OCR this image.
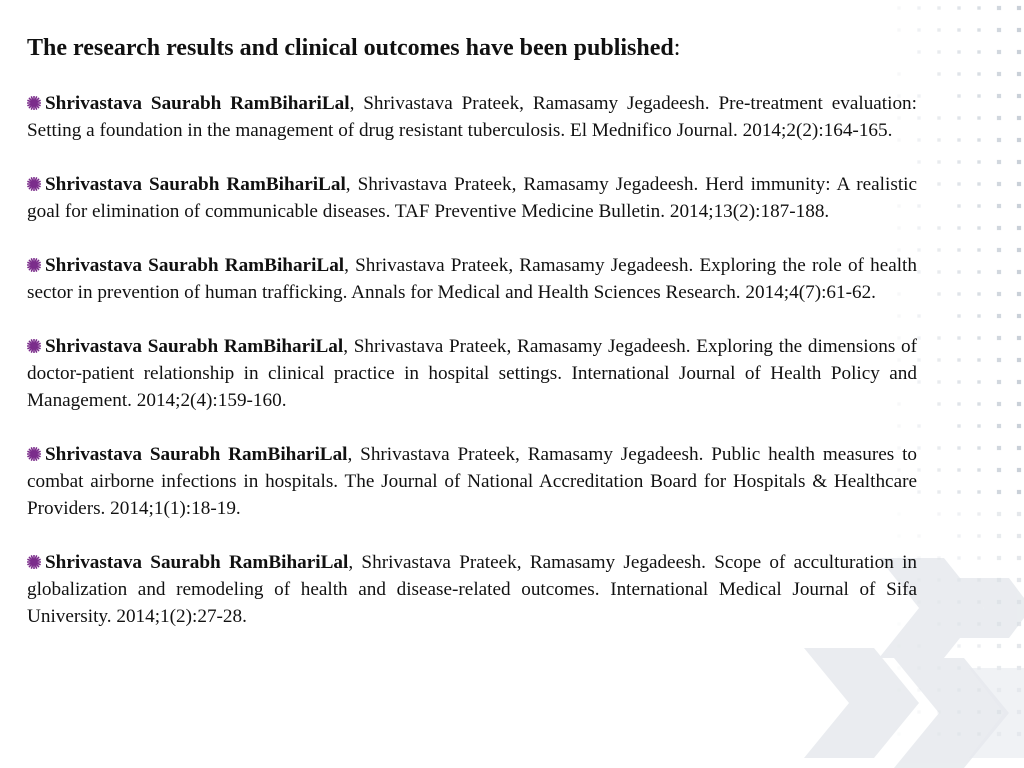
The research results and clinical outcomes have been published:
Shrivastava Saurabh RamBihariLal, Shrivastava Prateek, Ramasamy Jegadeesh. Pre-treatment evaluation: Setting a foundation in the management of drug resistant tuberculosis. El Mednifico Journal. 2014;2(2):164-165.
Shrivastava Saurabh RamBihariLal, Shrivastava Prateek, Ramasamy Jegadeesh. Herd immunity: A realistic goal for elimination of communicable diseases. TAF Preventive Medicine Bulletin. 2014;13(2):187-188.
Shrivastava Saurabh RamBihariLal, Shrivastava Prateek, Ramasamy Jegadeesh. Exploring the role of health sector in prevention of human trafficking. Annals for Medical and Health Sciences Research. 2014;4(7):61-62.
Shrivastava Saurabh RamBihariLal, Shrivastava Prateek, Ramasamy Jegadeesh. Exploring the dimensions of doctor-patient relationship in clinical practice in hospital settings. International Journal of Health Policy and Management. 2014;2(4):159-160.
Shrivastava Saurabh RamBihariLal, Shrivastava Prateek, Ramasamy Jegadeesh. Public health measures to combat airborne infections in hospitals. The Journal of National Accreditation Board for Hospitals & Healthcare Providers. 2014;1(1):18-19.
Shrivastava Saurabh RamBihariLal, Shrivastava Prateek, Ramasamy Jegadeesh. Scope of acculturation in globalization and remodeling of health and disease-related outcomes. International Medical Journal of Sifa University. 2014;1(2):27-28.
